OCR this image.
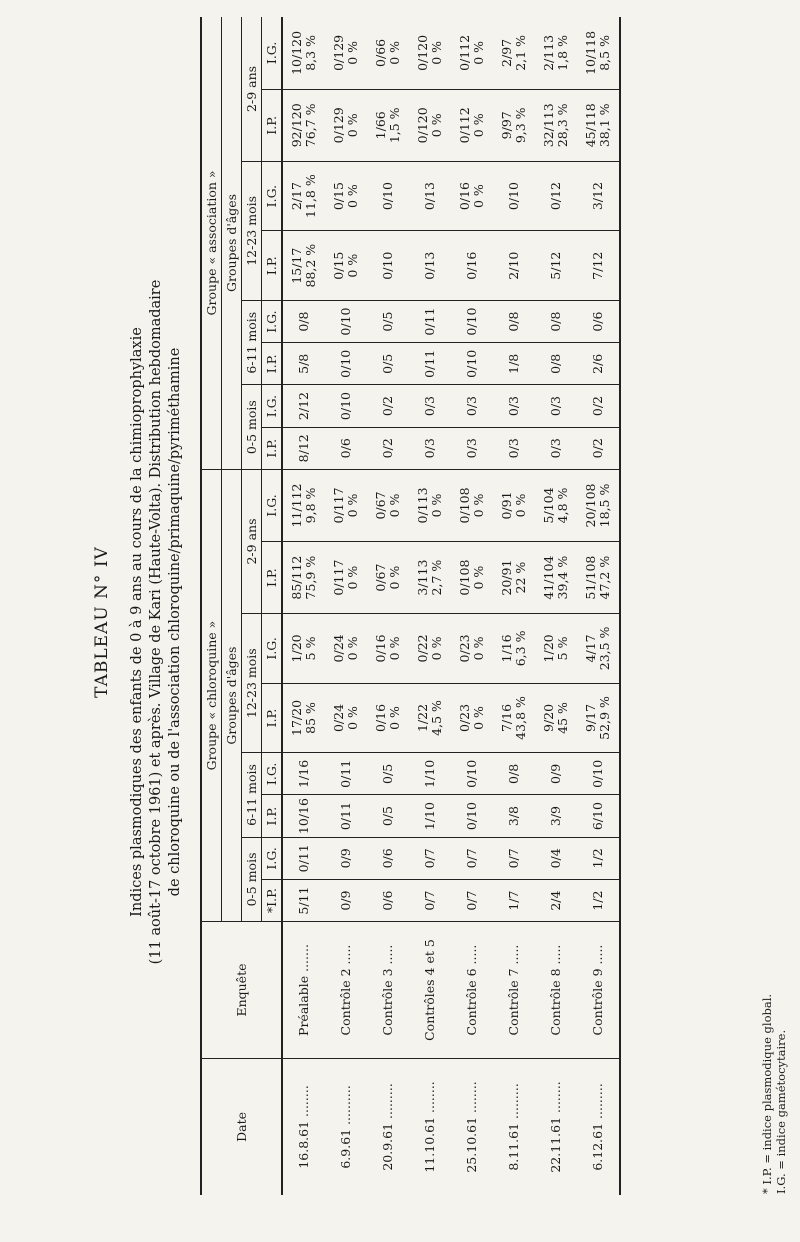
TABLEAU N° IV Indices plasmodiques des enfants de 0 à 9 ans au cours de la chimioprophylaxie (11 août-17 octobre 1961) et après. Village de Kari (Haute-Volta). Distribution hebdomadaire de chloroquine ou de l'association chloroquine/primaquine/pyriméthamine
Date	Enquête	Groupe « chloroquine »								Groupe « association »							
		Groupes d'âges								Groupes d'âges							
		0-5 mois		6-11 mois		12-23 mois		2-9 ans		0-5 mois		6-11 mois		12-23 mois		2-9 ans	
		*I.P.	I.G.	I.P.	I.G.	I.P.	I.G.	I.P.	I.G.	I.P.	I.G.	I.P.	I.G.	I.P.	I.G.	I.P.	I.G.
16.8.61 ........	Préalable .......	5/11	0/11	10/16	1/16	17/20 85 %	1/20 5 %	85/112 75,9 %	11/112 9,8 %	8/12	2/12	5/8	0/8	15/17 88,2 %	2/17 11,8 %	92/120 76,7 %	10/120 8,3 %

6.9.61 ..........	Contrôle 2 .....	0/9	0/9	0/11	0/11	0/24 0 %	0/24 0 %	0/117 0 %	0/117 0 %	0/6	0/10	0/10	0/10	0/15 0 %	0/15 0 %	0/129 0 %	0/129 0 %

20.9.61 .........	Contrôle 3 .....	0/6	0/6	0/5	0/5	0/16 0 %	0/16 0 %	0/67 0 %	0/67 0 %	0/2	0/2	0/5	0/5	0/10	0/10	1/66 1,5 %	0/66 0 %

11.10.61 ........	Contrôles 4 et 5	0/7	0/7	1/10	1/10	1/22 4,5 %	0/22 0 %	3/113 2,7 %	0/113 0 %	0/3	0/3	0/11	0/11	0/13	0/13	0/120 0 %	0/120 0 %

25.10.61 ........	Contrôle 6 .....	0/7	0/7	0/10	0/10	0/23 0 %	0/23 0 %	0/108 0 %	0/108 0 %	0/3	0/3	0/10	0/10	0/16	0/16 0 %	0/112 0 %	0/112 0 %

8.11.61 .........	Contrôle 7 .....	1/7	0/7	3/8	0/8	7/16 43,8 %	1/16 6,3 %	20/91 22 %	0/91 0 %	0/3	0/3	1/8	0/8	2/10	0/10	9/97 9,3 %	2/97 2,1 %

22.11.61 ........	Contrôle 8 .....	2/4	0/4	3/9	0/9	9/20 45 %	1/20 5 %	41/104 39,4 %	5/104 4,8 %	0/3	0/3	0/8	0/8	5/12	0/12	32/113 28,3 %	2/113 1,8 %

6.12.61 .........	Contrôle 9 .....	1/2	1/2	6/10	0/10	9/17 52,9 %	4/17 23,5 %	51/108 47,2 %	20/108 18,5 %	0/2	0/2	2/6	0/6	7/12	3/12	45/118 38,1 %	10/118 8,5 %
* I.P. = indice plasmodique global. I.G. = indice gamétocytaire.
